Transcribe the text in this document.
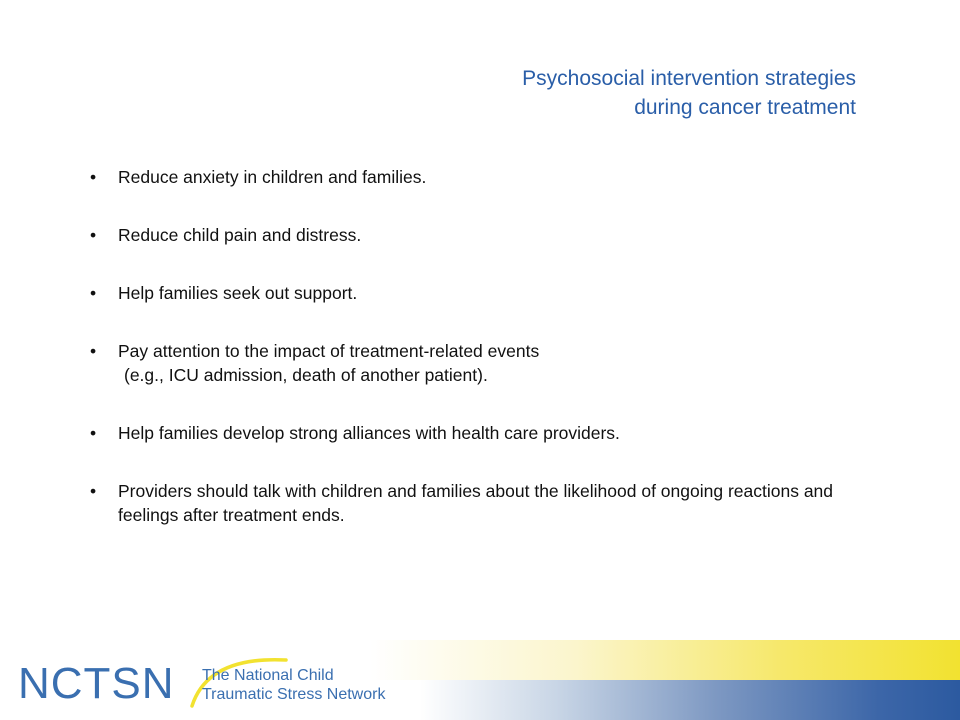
Psychosocial intervention strategies
during cancer treatment
•	Reduce anxiety in children and families.
•	Reduce child pain and distress.
•	Help families seek out support.
•	Pay attention to the impact of treatment-related events
(e.g., ICU admission, death of another patient).
•	Help families develop strong alliances with health care providers.
•	Providers should talk with children and families about the likelihood of ongoing reactions and feelings after treatment ends.
NCTSN The National Child
Traumatic Stress Network
